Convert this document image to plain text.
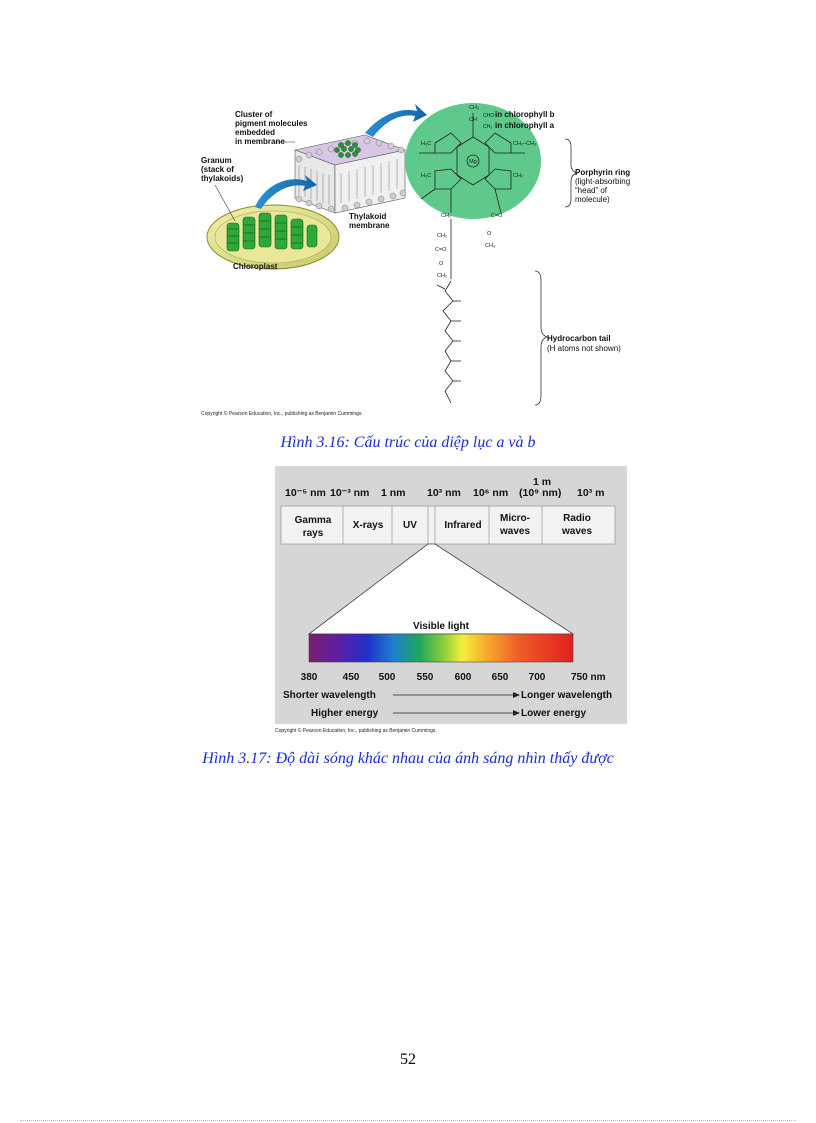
Mg
CH₂
CH
H₃C	CH₂–CH₃
H₃C	CH₃
CH₂	C=O
CH₂
C=O
O
CH₂
O
CH₃
Cluster of
pigment molecules
embedded
in membrane
Granum
(stack of
thylakoids)
Thylakoid
membrane
Chloroplast
CHO in chlorophyll b
CH₃ in chlorophyll a
Porphyrin ring
(light-absorbing
“head” of
molecule)
Hydrocarbon tail
(H atoms not shown)
Copyright © Pearson Education, Inc., publishing as Benjamin Cummings.
Hình 3.16: Cấu trúc của diệp lục a và b
10⁻⁵ nm 10⁻³ nm 1 nm 10³ nm 10⁶ nm
1 m
(10⁹ nm) 10³ m
Gamma
rays
X-rays UV	Infrared
Micro-
waves
Radio
waves
Visible light
380	450 500 550 600 650 700	750 nm
Shorter wavelength	Longer wavelength
Higher energy	Lower energy
Copyright © Pearson Education, Inc., publishing as Benjamin Cummings.
Hình 3.17: Độ dài sóng khác nhau của ánh sáng nhìn thấy được
52
